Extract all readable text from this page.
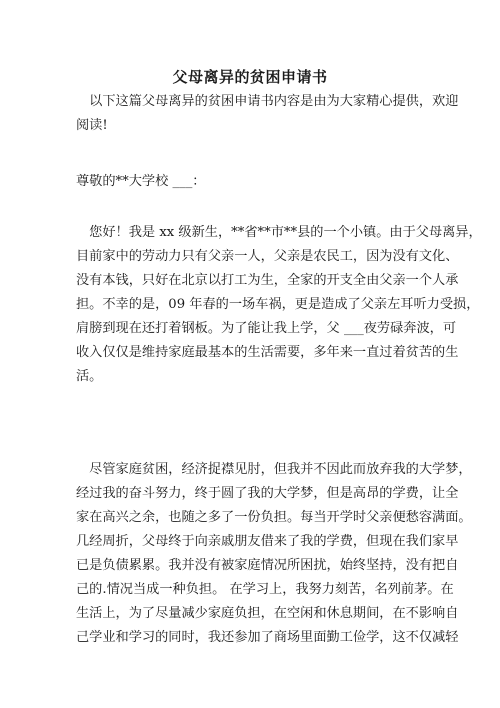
父母离异的贫困申请书
　以下这篇父母离异的贫困申请书内容是由为大家精心提供，欢迎
阅读!
尊敬的**大学校 ___：
　您好！我是 xx 级新生，**省**市**县的一个小镇。由于父母离异，
目前家中的劳动力只有父亲一人，父亲是农民工，因为没有文化、
没有本钱，只好在北京以打工为生，全家的开支全由父亲一个人承
担。不幸的是，09 年春的一场车祸，更是造成了父亲左耳听力受损，
肩膀到现在还打着钢板。为了能让我上学，父 ___夜劳碌奔波，可
收入仅仅是维持家庭最基本的生活需要，多年来一直过着贫苦的生
活。
　尽管家庭贫困，经济捉襟见肘，但我并不因此而放弃我的大学梦，
经过我的奋斗努力，终于圆了我的大学梦，但是高昂的学费，让全
家在高兴之余，也随之多了一份负担。每当开学时父亲便愁容满面。
几经周折，父母终于向亲戚朋友借来了我的学费，但现在我们家早
已是负债累累。我并没有被家庭情况所困扰，始终坚持，没有把自
己的.情况当成一种负担。 在学习上，我努力刻苦，名列前茅。在
生活上，为了尽量减少家庭负担，在空闲和休息期间，在不影响自
己学业和学习的同时，我还参加了商场里面勤工俭学，这不仅减轻
